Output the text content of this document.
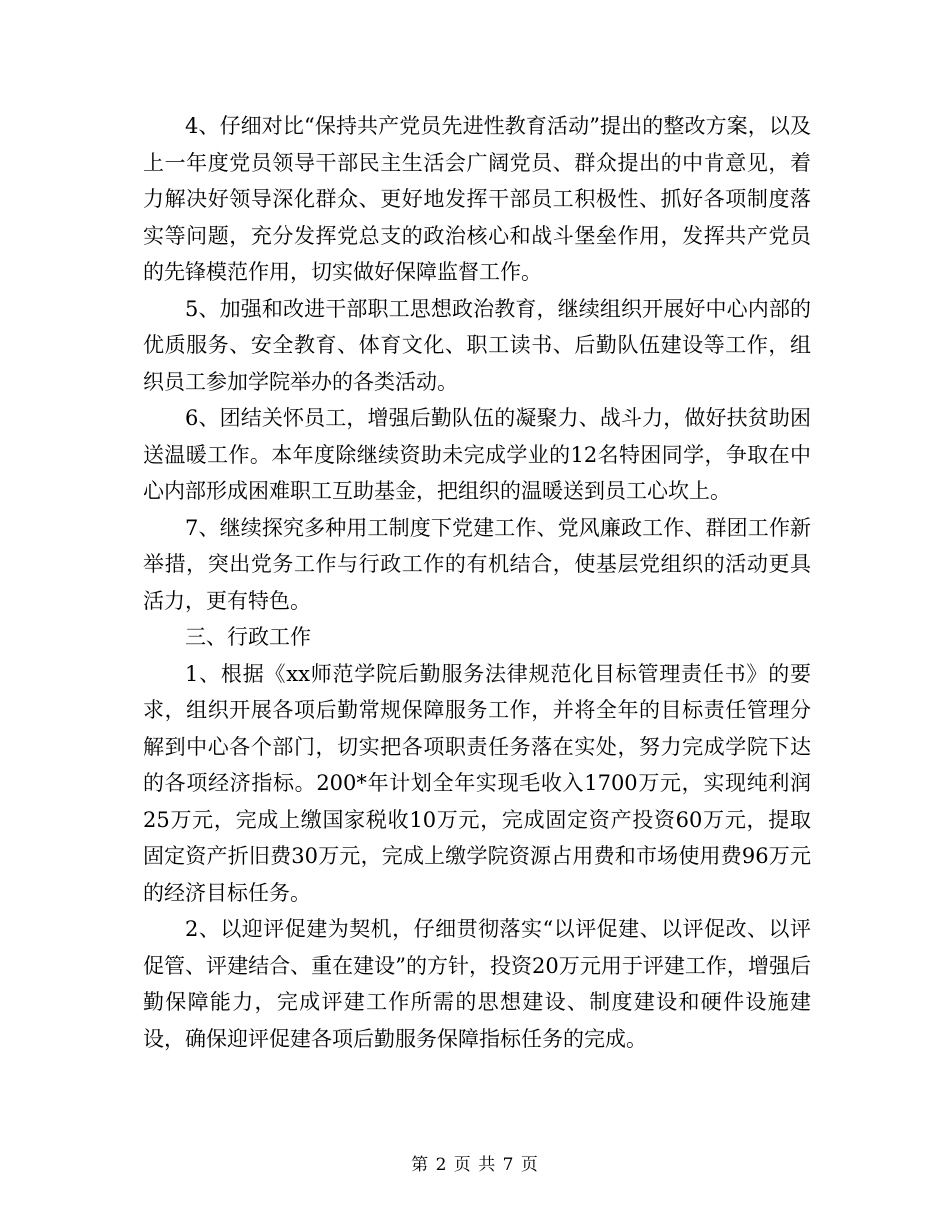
4、仔细对比“保持共产党员先进性教育活动”提出的整改方案，以及上一年度党员领导干部民主生活会广阔党员、群众提出的中肯意见，着力解决好领导深化群众、更好地发挥干部员工积极性、抓好各项制度落实等问题，充分发挥党总支的政治核心和战斗堡垒作用，发挥共产党员的先锋模范作用，切实做好保障监督工作。

5、加强和改进干部职工思想政治教育，继续组织开展好中心内部的优质服务、安全教育、体育文化、职工读书、后勤队伍建设等工作，组织员工参加学院举办的各类活动。

6、团结关怀员工，增强后勤队伍的凝聚力、战斗力，做好扶贫助困送温暖工作。本年度除继续资助未完成学业的12名特困同学，争取在中心内部形成困难职工互助基金，把组织的温暖送到员工心坎上。

7、继续探究多种用工制度下党建工作、党风廉政工作、群团工作新举措，突出党务工作与行政工作的有机结合，使基层党组织的活动更具活力，更有特色。

三、行政工作

1、根据《xx师范学院后勤服务法律规范化目标管理责任书》的要求，组织开展各项后勤常规保障服务工作，并将全年的目标责任管理分解到中心各个部门，切实把各项职责任务落在实处，努力完成学院下达的各项经济指标。200*年计划全年实现毛收入1700万元，实现纯利润25万元，完成上缴国家税收10万元，完成固定资产投资60万元，提取固定资产折旧费30万元，完成上缴学院资源占用费和市场使用费96万元的经济目标任务。

2、以迎评促建为契机，仔细贯彻落实“以评促建、以评促改、以评促管、评建结合、重在建设”的方针，投资20万元用于评建工作，增强后勤保障能力，完成评建工作所需的思想建设、制度建设和硬件设施建设，确保迎评促建各项后勤服务保障指标任务的完成。

第 2 页 共 7 页
